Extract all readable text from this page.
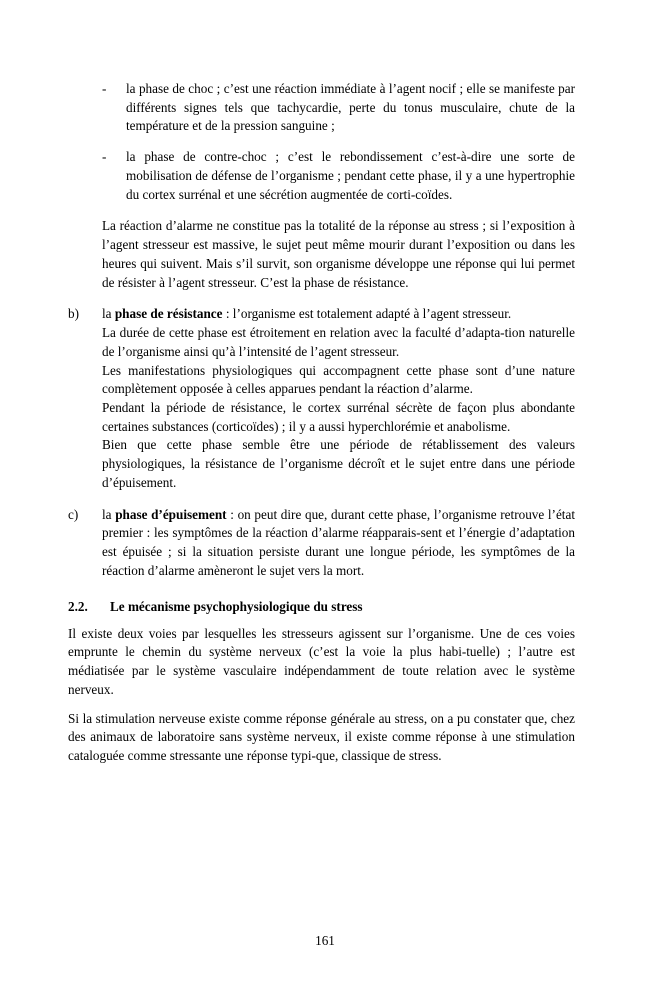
-	la phase de choc ; c’est une réaction immédiate à l’agent nocif ; elle se manifeste par différents signes tels que tachycardie, perte du tonus musculaire, chute de la température et de la pression sanguine ;
-	la phase de contre-choc ; c’est le rebondissement c’est-à-dire une sorte de mobilisation de défense de l’organisme ; pendant cette phase, il y a une hypertrophie du cortex surrénal et une sécrétion augmentée de corti-coïdes.

La réaction d’alarme ne constitue pas la totalité de la réponse au stress ; si l’exposition à l’agent stresseur est massive, le sujet peut même mourir durant l’exposition ou dans les heures qui suivent. Mais s’il survit, son organisme développe une réponse qui lui permet de résister à l’agent stresseur. C’est la phase de résistance.

b)	la phase de résistance : l’organisme est totalement adapté à l’agent stresseur.

La durée de cette phase est étroitement en relation avec la faculté d’adapta-tion naturelle de l’organisme ainsi qu’à l’intensité de l’agent stresseur.

Les manifestations physiologiques qui accompagnent cette phase sont d’une nature complètement opposée à celles apparues pendant la réaction d’alarme.

Pendant la période de résistance, le cortex surrénal sécrète de façon plus abondante certaines substances (corticoïdes) ; il y a aussi hyperchlorémie et anabolisme.

Bien que cette phase semble être une période de rétablissement des valeurs physiologiques, la résistance de l’organisme décroît et le sujet entre dans une période d’épuisement.

c)	la phase d’épuisement : on peut dire que, durant cette phase, l’organisme retrouve l’état premier : les symptômes de la réaction d’alarme réapparais-sent et l’énergie d’adaptation est épuisée ; si la situation persiste durant une longue période, les symptômes de la réaction d’alarme amèneront le sujet vers la mort.

2.2.	Le mécanisme psychophysiologique du stress

Il existe deux voies par lesquelles les stresseurs agissent sur l’organisme. Une de ces voies emprunte le chemin du système nerveux (c’est la voie la plus habi-tuelle) ; l’autre est médiatisée par le système vasculaire indépendamment de toute relation avec le système nerveux.

Si la stimulation nerveuse existe comme réponse générale au stress, on a pu constater que, chez des animaux de laboratoire sans système nerveux, il existe comme réponse à une stimulation cataloguée comme stressante une réponse typi-que, classique de stress.

161
